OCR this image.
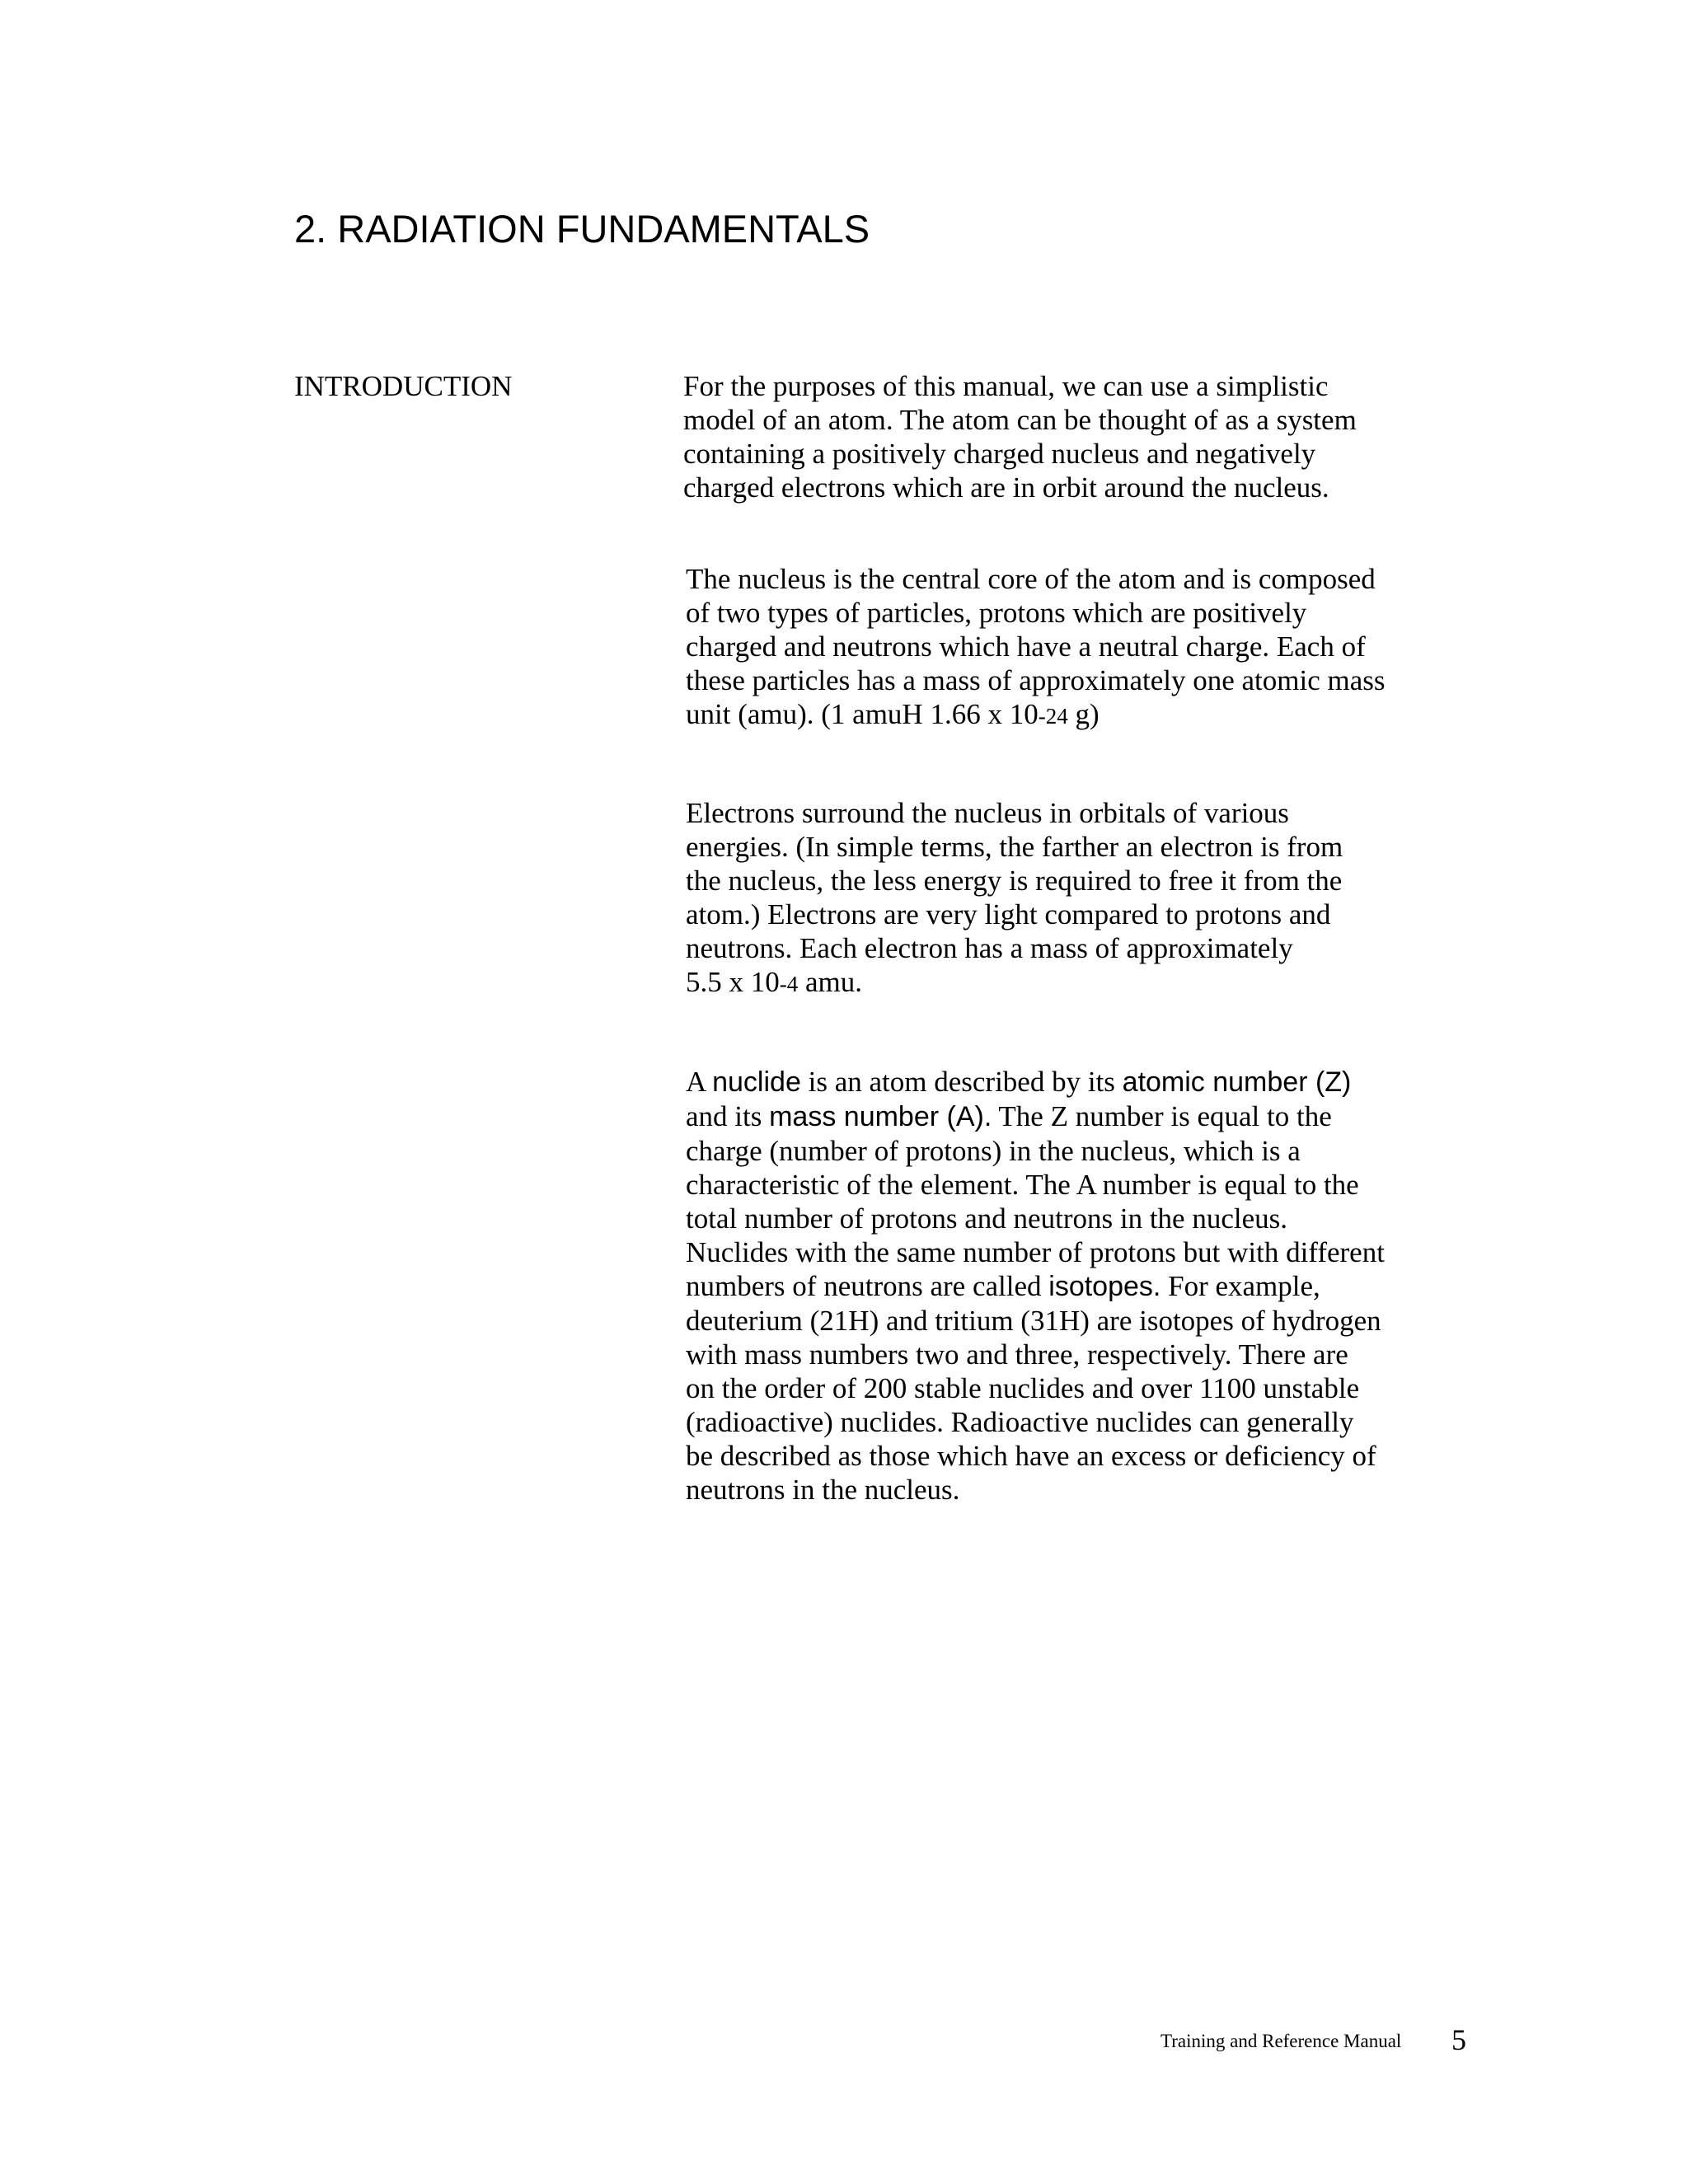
2. RADIATION FUNDAMENTALS
INTRODUCTION	For the purposes of this manual, we can use a simplistic
model of an atom. The atom can be thought of as a system
containing a positively charged nucleus and negatively
charged electrons which are in orbit around the nucleus.

The nucleus is the central core of the atom and is composed
of two types of particles, protons which are positively
charged and neutrons which have a neutral charge. Each of
these particles has a mass of approximately one atomic mass
unit (amu). (1 amuH 1.66 x 10-24 g)

Electrons surround the nucleus in orbitals of various
energies. (In simple terms, the farther an electron is from
the nucleus, the less energy is required to free it from the
atom.) Electrons are very light compared to protons and
neutrons. Each electron has a mass of approximately
5.5 x 10-4 amu.

A nuclide is an atom described by its atomic number (Z)
and its mass number (A). The Z number is equal to the
charge (number of protons) in the nucleus, which is a
characteristic of the element. The A number is equal to the
total number of protons and neutrons in the nucleus.
Nuclides with the same number of protons but with different
numbers of neutrons are called isotopes. For example,
deuterium (21H) and tritium (31H) are isotopes of hydrogen
with mass numbers two and three, respectively. There are
on the order of 200 stable nuclides and over 1100 unstable
(radioactive) nuclides. Radioactive nuclides can generally
be described as those which have an excess or deficiency of
neutrons in the nucleus.

Training and Reference Manual 5
